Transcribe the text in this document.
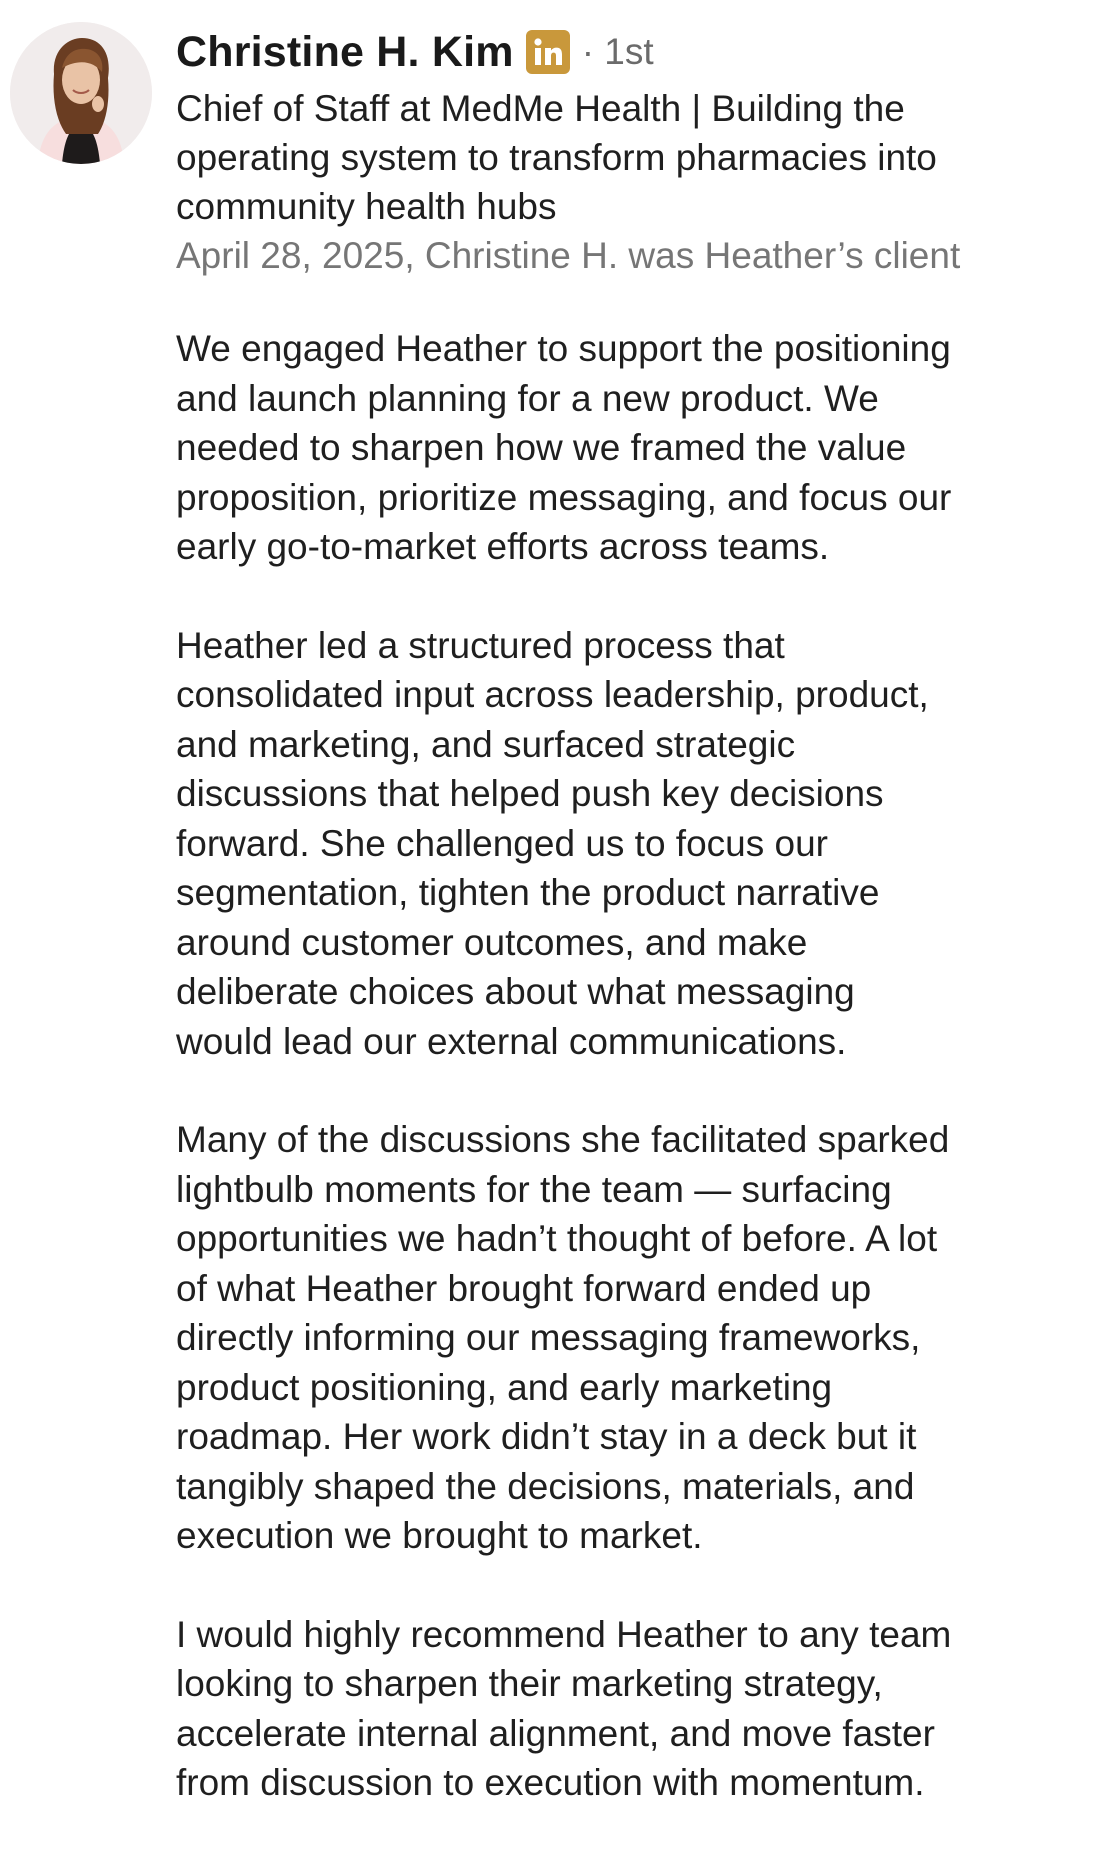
Christine H. Kim · 1st
Chief of Staff at MedMe Health | Building the
operating system to transform pharmacies into
community health hubs
April 28, 2025, Christine H. was Heather’s client

We engaged Heather to support the positioning
and launch planning for a new product. We
needed to sharpen how we framed the value
proposition, prioritize messaging, and focus our
early go-to-market efforts across teams.

Heather led a structured process that
consolidated input across leadership, product,
and marketing, and surfaced strategic
discussions that helped push key decisions
forward. She challenged us to focus our
segmentation, tighten the product narrative
around customer outcomes, and make
deliberate choices about what messaging
would lead our external communications.

Many of the discussions she facilitated sparked
lightbulb moments for the team — surfacing
opportunities we hadn’t thought of before. A lot
of what Heather brought forward ended up
directly informing our messaging frameworks,
product positioning, and early marketing
roadmap. Her work didn’t stay in a deck but it
tangibly shaped the decisions, materials, and
execution we brought to market.

I would highly recommend Heather to any team
looking to sharpen their marketing strategy,
accelerate internal alignment, and move faster
from discussion to execution with momentum.
